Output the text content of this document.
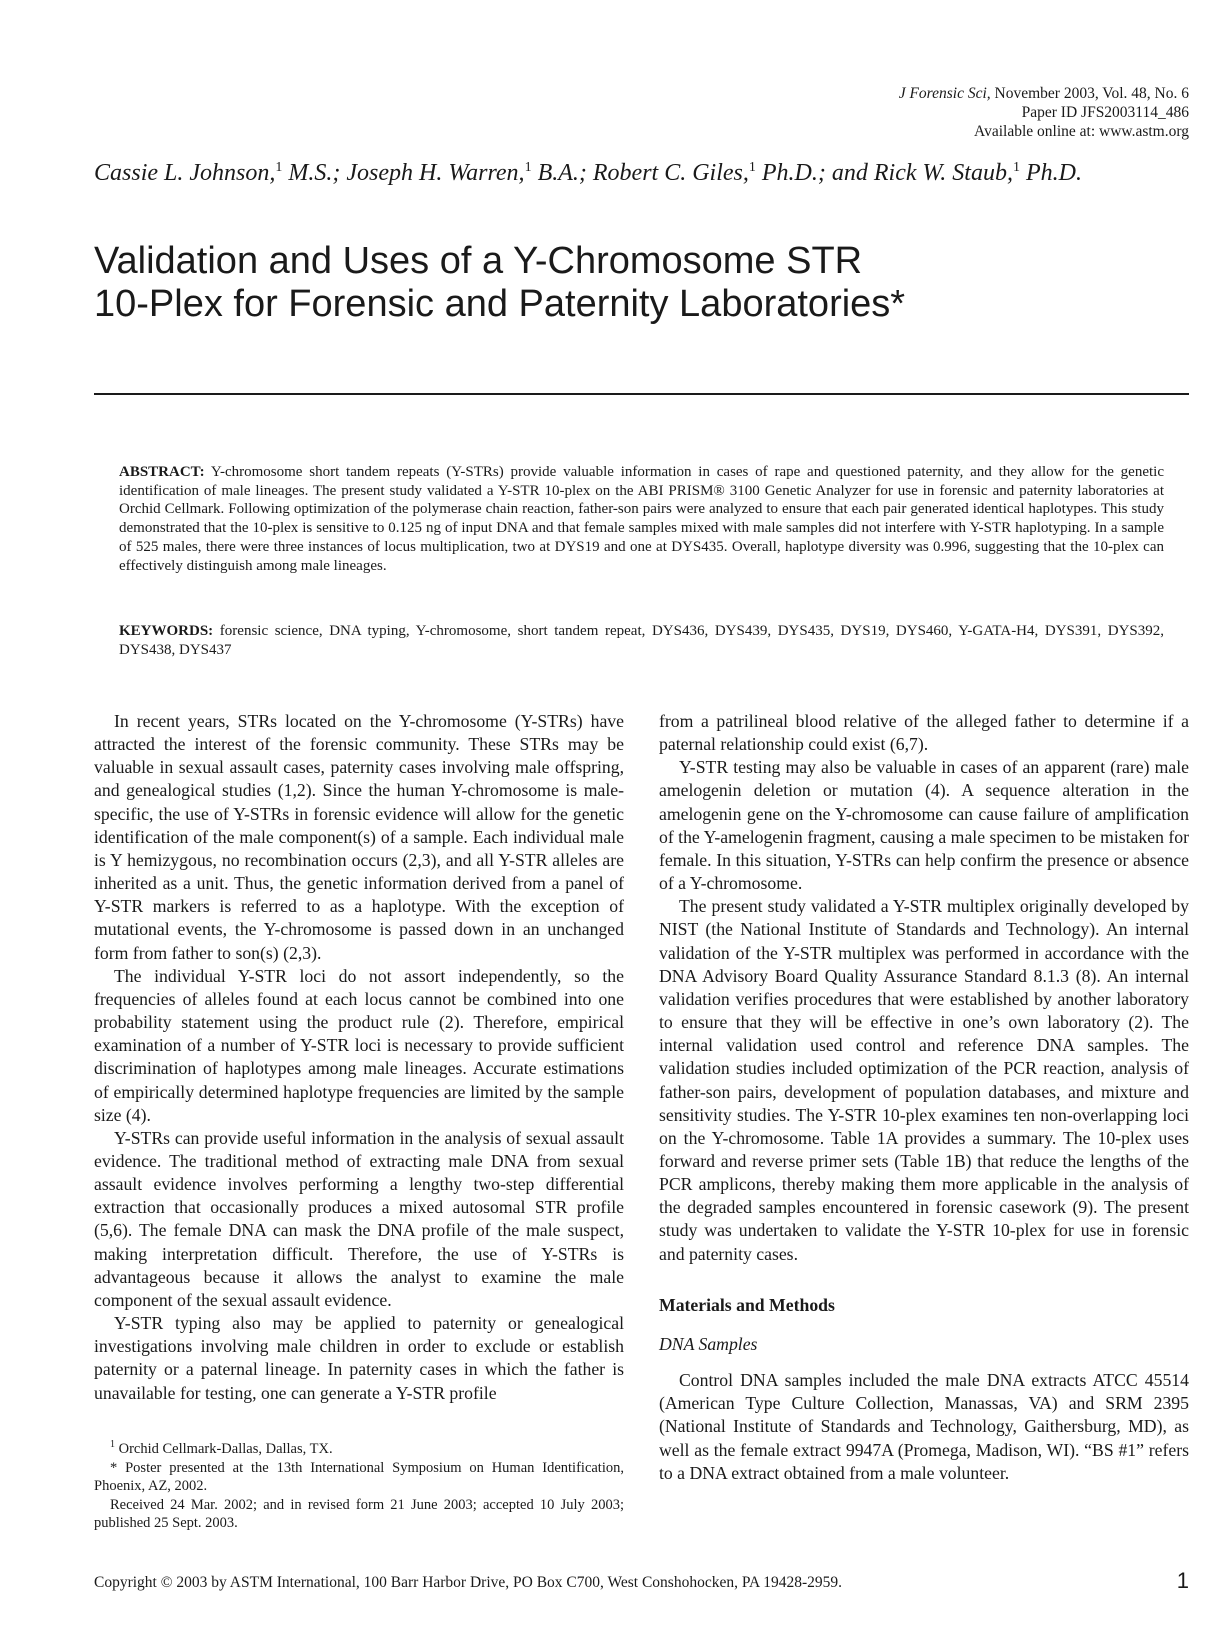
J Forensic Sci, November 2003, Vol. 48, No. 6
Paper ID JFS2003114_486
Available online at: www.astm.org
Cassie L. Johnson,$^1$ M.S.; Joseph H. Warren,$^1$ B.A.; Robert C. Giles,$^1$ Ph.D.; and Rick W. Staub,$^1$ Ph.D.
Validation and Uses of a Y-Chromosome STR
10-Plex for Forensic and Paternity Laboratories*
ABSTRACT: Y-chromosome short tandem repeats (Y-STRs) provide valuable information in cases of rape and questioned paternity, and they allow for the genetic identification of male lineages. The present study validated a Y-STR 10-plex on the ABI PRISM® 3100 Genetic Analyzer for use in forensic and paternity laboratories at Orchid Cellmark. Following optimization of the polymerase chain reaction, father-son pairs were analyzed to ensure that each pair generated identical haplotypes. This study demonstrated that the 10-plex is sensitive to 0.125 ng of input DNA and that female samples mixed with male samples did not interfere with Y-STR haplotyping. In a sample of 525 males, there were three instances of locus multiplication, two at DYS19 and one at DYS435. Overall, haplotype diversity was 0.996, suggesting that the 10-plex can effectively distinguish among male lineages.
KEYWORDS: forensic science, DNA typing, Y-chromosome, short tandem repeat, DYS436, DYS439, DYS435, DYS19, DYS460, Y-GATA-H4, DYS391, DYS392, DYS438, DYS437

In recent years, STRs located on the Y-chromosome (Y-STRs) have attracted the interest of the forensic community. These STRs may be valuable in sexual assault cases, paternity cases involving male offspring, and genealogical studies (1,2). Since the human Y-chromosome is male-specific, the use of Y-STRs in forensic evidence will allow for the genetic identification of the male component(s) of a sample. Each individual male is Y hemizygous, no recombination occurs (2,3), and all Y-STR alleles are inherited as a unit. Thus, the genetic information derived from a panel of Y-STR markers is referred to as a haplotype. With the exception of mutational events, the Y-chromosome is passed down in an unchanged form from father to son(s) (2,3).

The individual Y-STR loci do not assort independently, so the frequencies of alleles found at each locus cannot be combined into one probability statement using the product rule (2). Therefore, empirical examination of a number of Y-STR loci is necessary to provide sufficient discrimination of haplotypes among male lineages. Accurate estimations of empirically determined haplotype frequencies are limited by the sample size (4).

Y-STRs can provide useful information in the analysis of sexual assault evidence. The traditional method of extracting male DNA from sexual assault evidence involves performing a lengthy two-step differential extraction that occasionally produces a mixed autosomal STR profile (5,6). The female DNA can mask the DNA profile of the male suspect, making interpretation difficult. Therefore, the use of Y-STRs is advantageous because it allows the analyst to examine the male component of the sexual assault evidence.

Y-STR typing also may be applied to paternity or genealogical investigations involving male children in order to exclude or establish paternity or a paternal lineage. In paternity cases in which the father is unavailable for testing, one can generate a Y-STR profile

$^1$ Orchid Cellmark-Dallas, Dallas, TX.

* Poster presented at the 13th International Symposium on Human Identification, Phoenix, AZ, 2002.

Received 24 Mar. 2002; and in revised form 21 June 2003; accepted 10 July 2003; published 25 Sept. 2003.

from a patrilineal blood relative of the alleged father to determine if a paternal relationship could exist (6,7).

Y-STR testing may also be valuable in cases of an apparent (rare) male amelogenin deletion or mutation (4). A sequence alteration in the amelogenin gene on the Y-chromosome can cause failure of amplification of the Y-amelogenin fragment, causing a male specimen to be mistaken for female. In this situation, Y-STRs can help confirm the presence or absence of a Y-chromosome.

The present study validated a Y-STR multiplex originally developed by NIST (the National Institute of Standards and Technology). An internal validation of the Y-STR multiplex was performed in accordance with the DNA Advisory Board Quality Assurance Standard 8.1.3 (8). An internal validation verifies procedures that were established by another laboratory to ensure that they will be effective in one’s own laboratory (2). The internal validation used control and reference DNA samples. The validation studies included optimization of the PCR reaction, analysis of father-son pairs, development of population databases, and mixture and sensitivity studies. The Y-STR 10-plex examines ten non-overlapping loci on the Y-chromosome. Table 1A provides a summary. The 10-plex uses forward and reverse primer sets (Table 1B) that reduce the lengths of the PCR amplicons, thereby making them more applicable in the analysis of the degraded samples encountered in forensic casework (9). The present study was undertaken to validate the Y-STR 10-plex for use in forensic and paternity cases.

Materials and Methods
DNA Samples

Control DNA samples included the male DNA extracts ATCC 45514 (American Type Culture Collection, Manassas, VA) and SRM 2395 (National Institute of Standards and Technology, Gaithersburg, MD), as well as the female extract 9947A (Promega, Madison, WI). “BS #1” refers to a DNA extract obtained from a male volunteer.

Copyright © 2003 by ASTM International, 100 Barr Harbor Drive, PO Box C700, West Conshohocken, PA 19428-2959.	1
